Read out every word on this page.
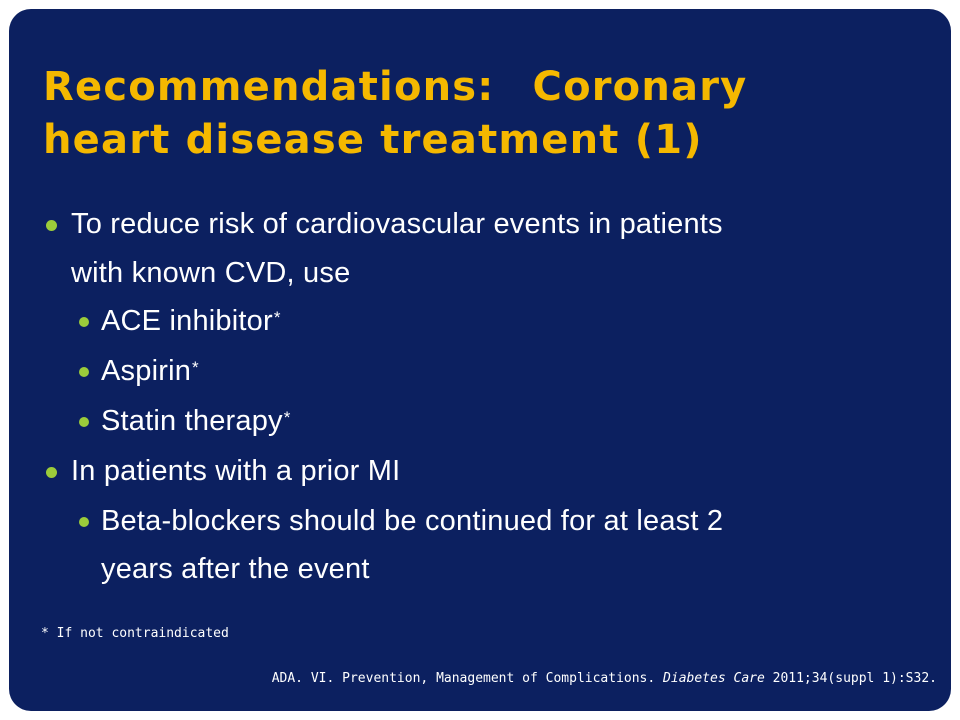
Recommendations: Coronary
heart disease treatment (1)
To reduce risk of cardiovascular events in patients
with known CVD, use
ACE inhibitor*
Aspirin*
Statin therapy*
In patients with a prior MI
Beta-blockers should be continued for at least 2
years after the event
* If not contraindicated
ADA. VI. Prevention, Management of Complications. Diabetes Care 2011;34(suppl 1):S32.
